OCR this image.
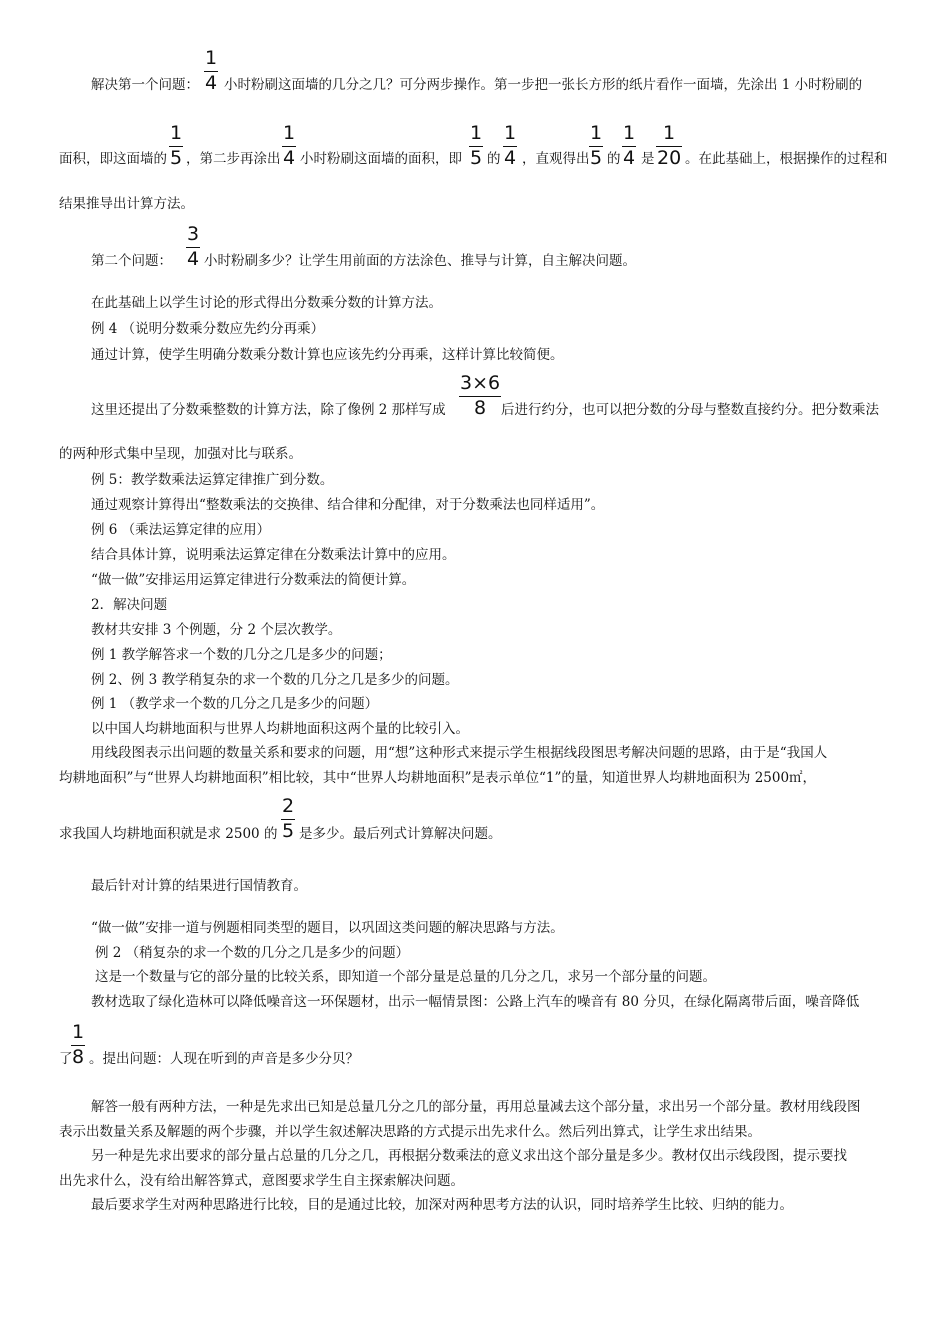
解决第一个问题： 小时粉刷这面墙的几分之几？可分两步操作。第一步把一张长方形的纸片看作一面墙，先涂出 1 小时粉刷的
面积，即这面墙的 ，第二步再涂出 小时粉刷这面墙的面积，即 的 ，直观得出 的 是 。在此基础上，根据操作的过程和
结果推导出计算方法。
第二个问题： 小时粉刷多少？让学生用前面的方法涂色、推导与计算，自主解决问题。
在此基础上以学生讨论的形式得出分数乘分数的计算方法。
例 4 （说明分数乘分数应先约分再乘）
通过计算，使学生明确分数乘分数计算也应该先约分再乘，这样计算比较简便。
这里还提出了分数乘整数的计算方法，除了像例 2 那样写成	后进行约分，也可以把分数的分母与整数直接约分。把分数乘法
的两种形式集中呈现，加强对比与联系。
例 5：教学数乘法运算定律推广到分数。
通过观察计算得出“整数乘法的交换律、结合律和分配律，对于分数乘法也同样适用”。
例 6 （乘法运算定律的应用）
结合具体计算，说明乘法运算定律在分数乘法计算中的应用。
“做一做”安排运用运算定律进行分数乘法的简便计算。
2．解决问题
教材共安排 3 个例题，分 2 个层次教学。
例 1 教学解答求一个数的几分之几是多少的问题；
例 2、例 3 教学稍复杂的求一个数的几分之几是多少的问题。
例 1 （教学求一个数的几分之几是多少的问题）
以中国人均耕地面积与世界人均耕地面积这两个量的比较引入。
用线段图表示出问题的数量关系和要求的问题，用“想”这种形式来提示学生根据线段图思考解决问题的思路，由于是“我国人
均耕地面积”与“世界人均耕地面积”相比较，其中“世界人均耕地面积”是表示单位“1”的量，知道世界人均耕地面积为 2500㎡，
求我国人均耕地面积就是求 2500 的 是多少。最后列式计算解决问题。
最后针对计算的结果进行国情教育。
“做一做”安排一道与例题相同类型的题目，以巩固这类问题的解决思路与方法。
例 2 （稍复杂的求一个数的几分之几是多少的问题）
这是一个数量与它的部分量的比较关系，即知道一个部分量是总量的几分之几，求另一个部分量的问题。
教材选取了绿化造林可以降低噪音这一环保题材，出示一幅情景图：公路上汽车的噪音有 80 分贝，在绿化隔离带后面，噪音降低
了 。提出问题：人现在听到的声音是多少分贝？
解答一般有两种方法，一种是先求出已知是总量几分之几的部分量，再用总量减去这个部分量，求出另一个部分量。教材用线段图
表示出数量关系及解题的两个步骤，并以学生叙述解决思路的方式提示出先求什么。然后列出算式，让学生求出结果。
另一种是先求出要求的部分量占总量的几分之几，再根据分数乘法的意义求出这个部分量是多少。教材仅出示线段图，提示要找
出先求什么，没有给出解答算式，意图要求学生自主探索解决问题。
最后要求学生对两种思路进行比较，目的是通过比较，加深对两种思考方法的认识，同时培养学生比较、归纳的能力。
1
4
1
5
1
4
1
5
1
4
1
5
1
4
1
20
3
4
3×6
8
2
5
1
8
